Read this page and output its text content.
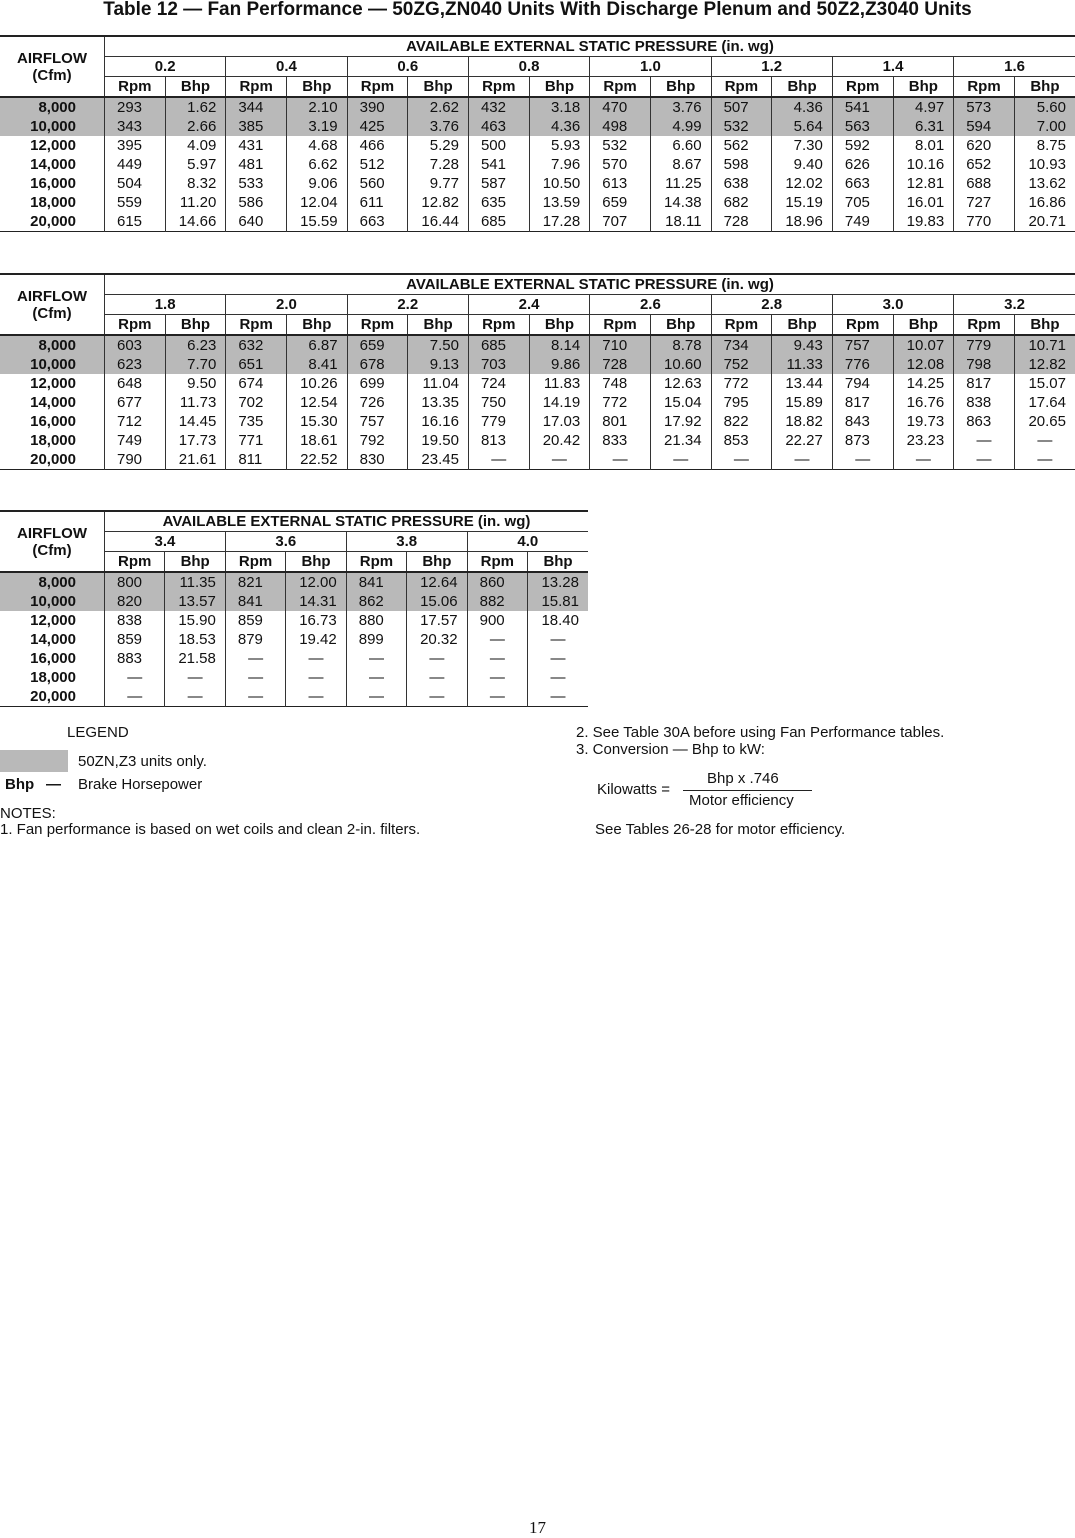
Table 12 — Fan Performance — 50ZG,ZN040 Units With Discharge Plenum and 50Z2,Z3040 Units
AIRFLOW
(Cfm)	AVAILABLE EXTERNAL STATIC PRESSURE (in. wg)															
	0.2		0.4		0.6		0.8		1.0		1.2		1.4		1.6	
	Rpm	Bhp	Rpm	Bhp	Rpm	Bhp	Rpm	Bhp	Rpm	Bhp	Rpm	Bhp	Rpm	Bhp	Rpm	Bhp
8,000	293	1.62	344	2.10	390	2.62	432	3.18	470	3.76	507	4.36	541	4.97	573	5.60
10,000	343	2.66	385	3.19	425	3.76	463	4.36	498	4.99	532	5.64	563	6.31	594	7.00
12,000	395	4.09	431	4.68	466	5.29	500	5.93	532	6.60	562	7.30	592	8.01	620	8.75
14,000	449	5.97	481	6.62	512	7.28	541	7.96	570	8.67	598	9.40	626	10.16	652	10.93
16,000	504	8.32	533	9.06	560	9.77	587	10.50	613	11.25	638	12.02	663	12.81	688	13.62
18,000	559	11.20	586	12.04	611	12.82	635	13.59	659	14.38	682	15.19	705	16.01	727	16.86
20,000	615	14.66	640	15.59	663	16.44	685	17.28	707	18.11	728	18.96	749	19.83	770	20.71
AIRFLOW
(Cfm)	AVAILABLE EXTERNAL STATIC PRESSURE (in. wg)															
	1.8		2.0		2.2		2.4		2.6		2.8		3.0		3.2	
	Rpm	Bhp	Rpm	Bhp	Rpm	Bhp	Rpm	Bhp	Rpm	Bhp	Rpm	Bhp	Rpm	Bhp	Rpm	Bhp
8,000	603	6.23	632	6.87	659	7.50	685	8.14	710	8.78	734	9.43	757	10.07	779	10.71
10,000	623	7.70	651	8.41	678	9.13	703	9.86	728	10.60	752	11.33	776	12.08	798	12.82
12,000	648	9.50	674	10.26	699	11.04	724	11.83	748	12.63	772	13.44	794	14.25	817	15.07
14,000	677	11.73	702	12.54	726	13.35	750	14.19	772	15.04	795	15.89	817	16.76	838	17.64
16,000	712	14.45	735	15.30	757	16.16	779	17.03	801	17.92	822	18.82	843	19.73	863	20.65
18,000	749	17.73	771	18.61	792	19.50	813	20.42	833	21.34	853	22.27	873	23.23	—	—
20,000	790	21.61	811	22.52	830	23.45	—	—	—	—	—	—	—	—	—	—
AIRFLOW
(Cfm)	AVAILABLE EXTERNAL STATIC PRESSURE (in. wg)							
	3.4		3.6		3.8		4.0	
	Rpm	Bhp	Rpm	Bhp	Rpm	Bhp	Rpm	Bhp
8,000	800	11.35	821	12.00	841	12.64	860	13.28
10,000	820	13.57	841	14.31	862	15.06	882	15.81
12,000	838	15.90	859	16.73	880	17.57	900	18.40
14,000	859	18.53	879	19.42	899	20.32	—	—
16,000	883	21.58	—	—	—	—	—	—
18,000	—	—	—	—	—	—	—	—
20,000	—	—	—	—	—	—	—	—
LEGEND
50ZN,Z3 units only.
Bhp — Brake Horsepower
NOTES:
1. Fan performance is based on wet coils and clean 2-in. filters.
2. See Table 30A before using Fan Performance tables.
3. Conversion — Bhp to kW:
Kilowatts =
Bhp x .746
Motor efficiency
See Tables 26-28 for motor efficiency.
17
